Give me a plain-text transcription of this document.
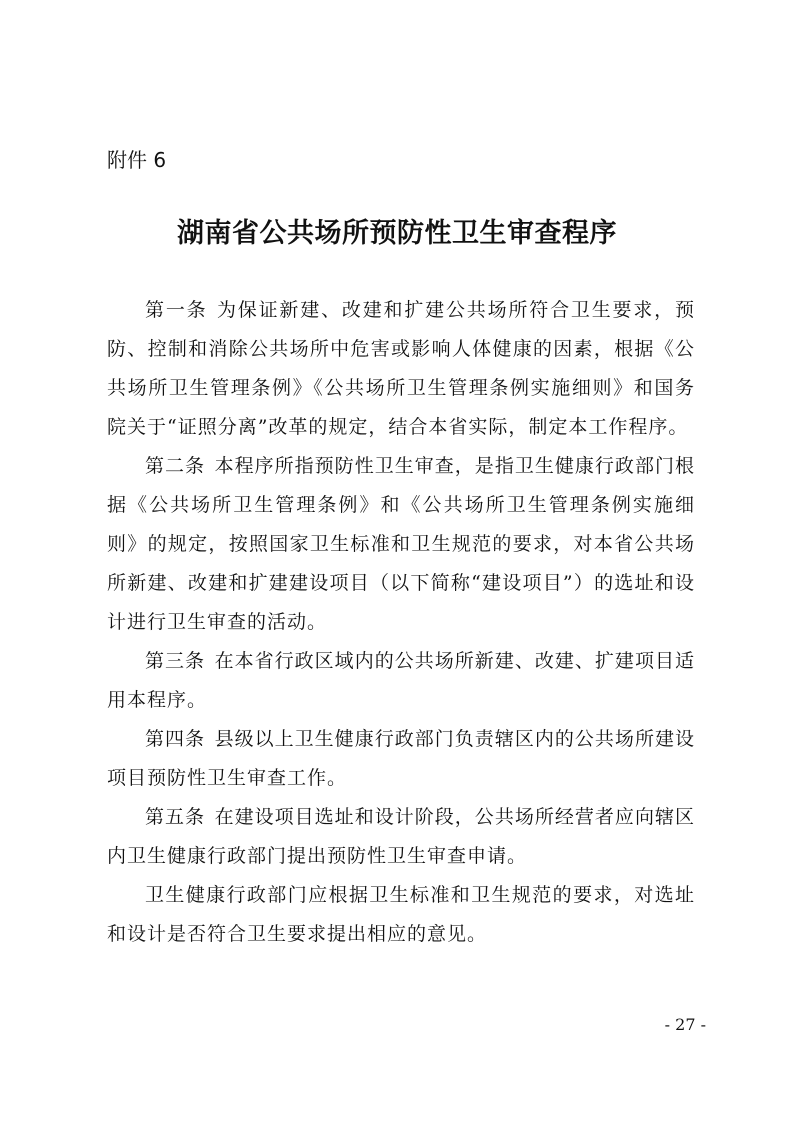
附件 6

湖南省公共场所预防性卫生审查程序

第一条 为保证新建、改建和扩建公共场所符合卫生要求，预防、控制和消除公共场所中危害或影响人体健康的因素，根据《公共场所卫生管理条例》《公共场所卫生管理条例实施细则》和国务院关于“证照分离”改革的规定，结合本省实际，制定本工作程序。

第二条 本程序所指预防性卫生审查，是指卫生健康行政部门根据《公共场所卫生管理条例》和《公共场所卫生管理条例实施细则》的规定，按照国家卫生标准和卫生规范的要求，对本省公共场所新建、改建和扩建建设项目（以下简称“建设项目”）的选址和设计进行卫生审查的活动。

第三条 在本省行政区域内的公共场所新建、改建、扩建项目适用本程序。

第四条 县级以上卫生健康行政部门负责辖区内的公共场所建设项目预防性卫生审查工作。

第五条 在建设项目选址和设计阶段，公共场所经营者应向辖区内卫生健康行政部门提出预防性卫生审查申请。

卫生健康行政部门应根据卫生标准和卫生规范的要求，对选址和设计是否符合卫生要求提出相应的意见。

- 27 -
